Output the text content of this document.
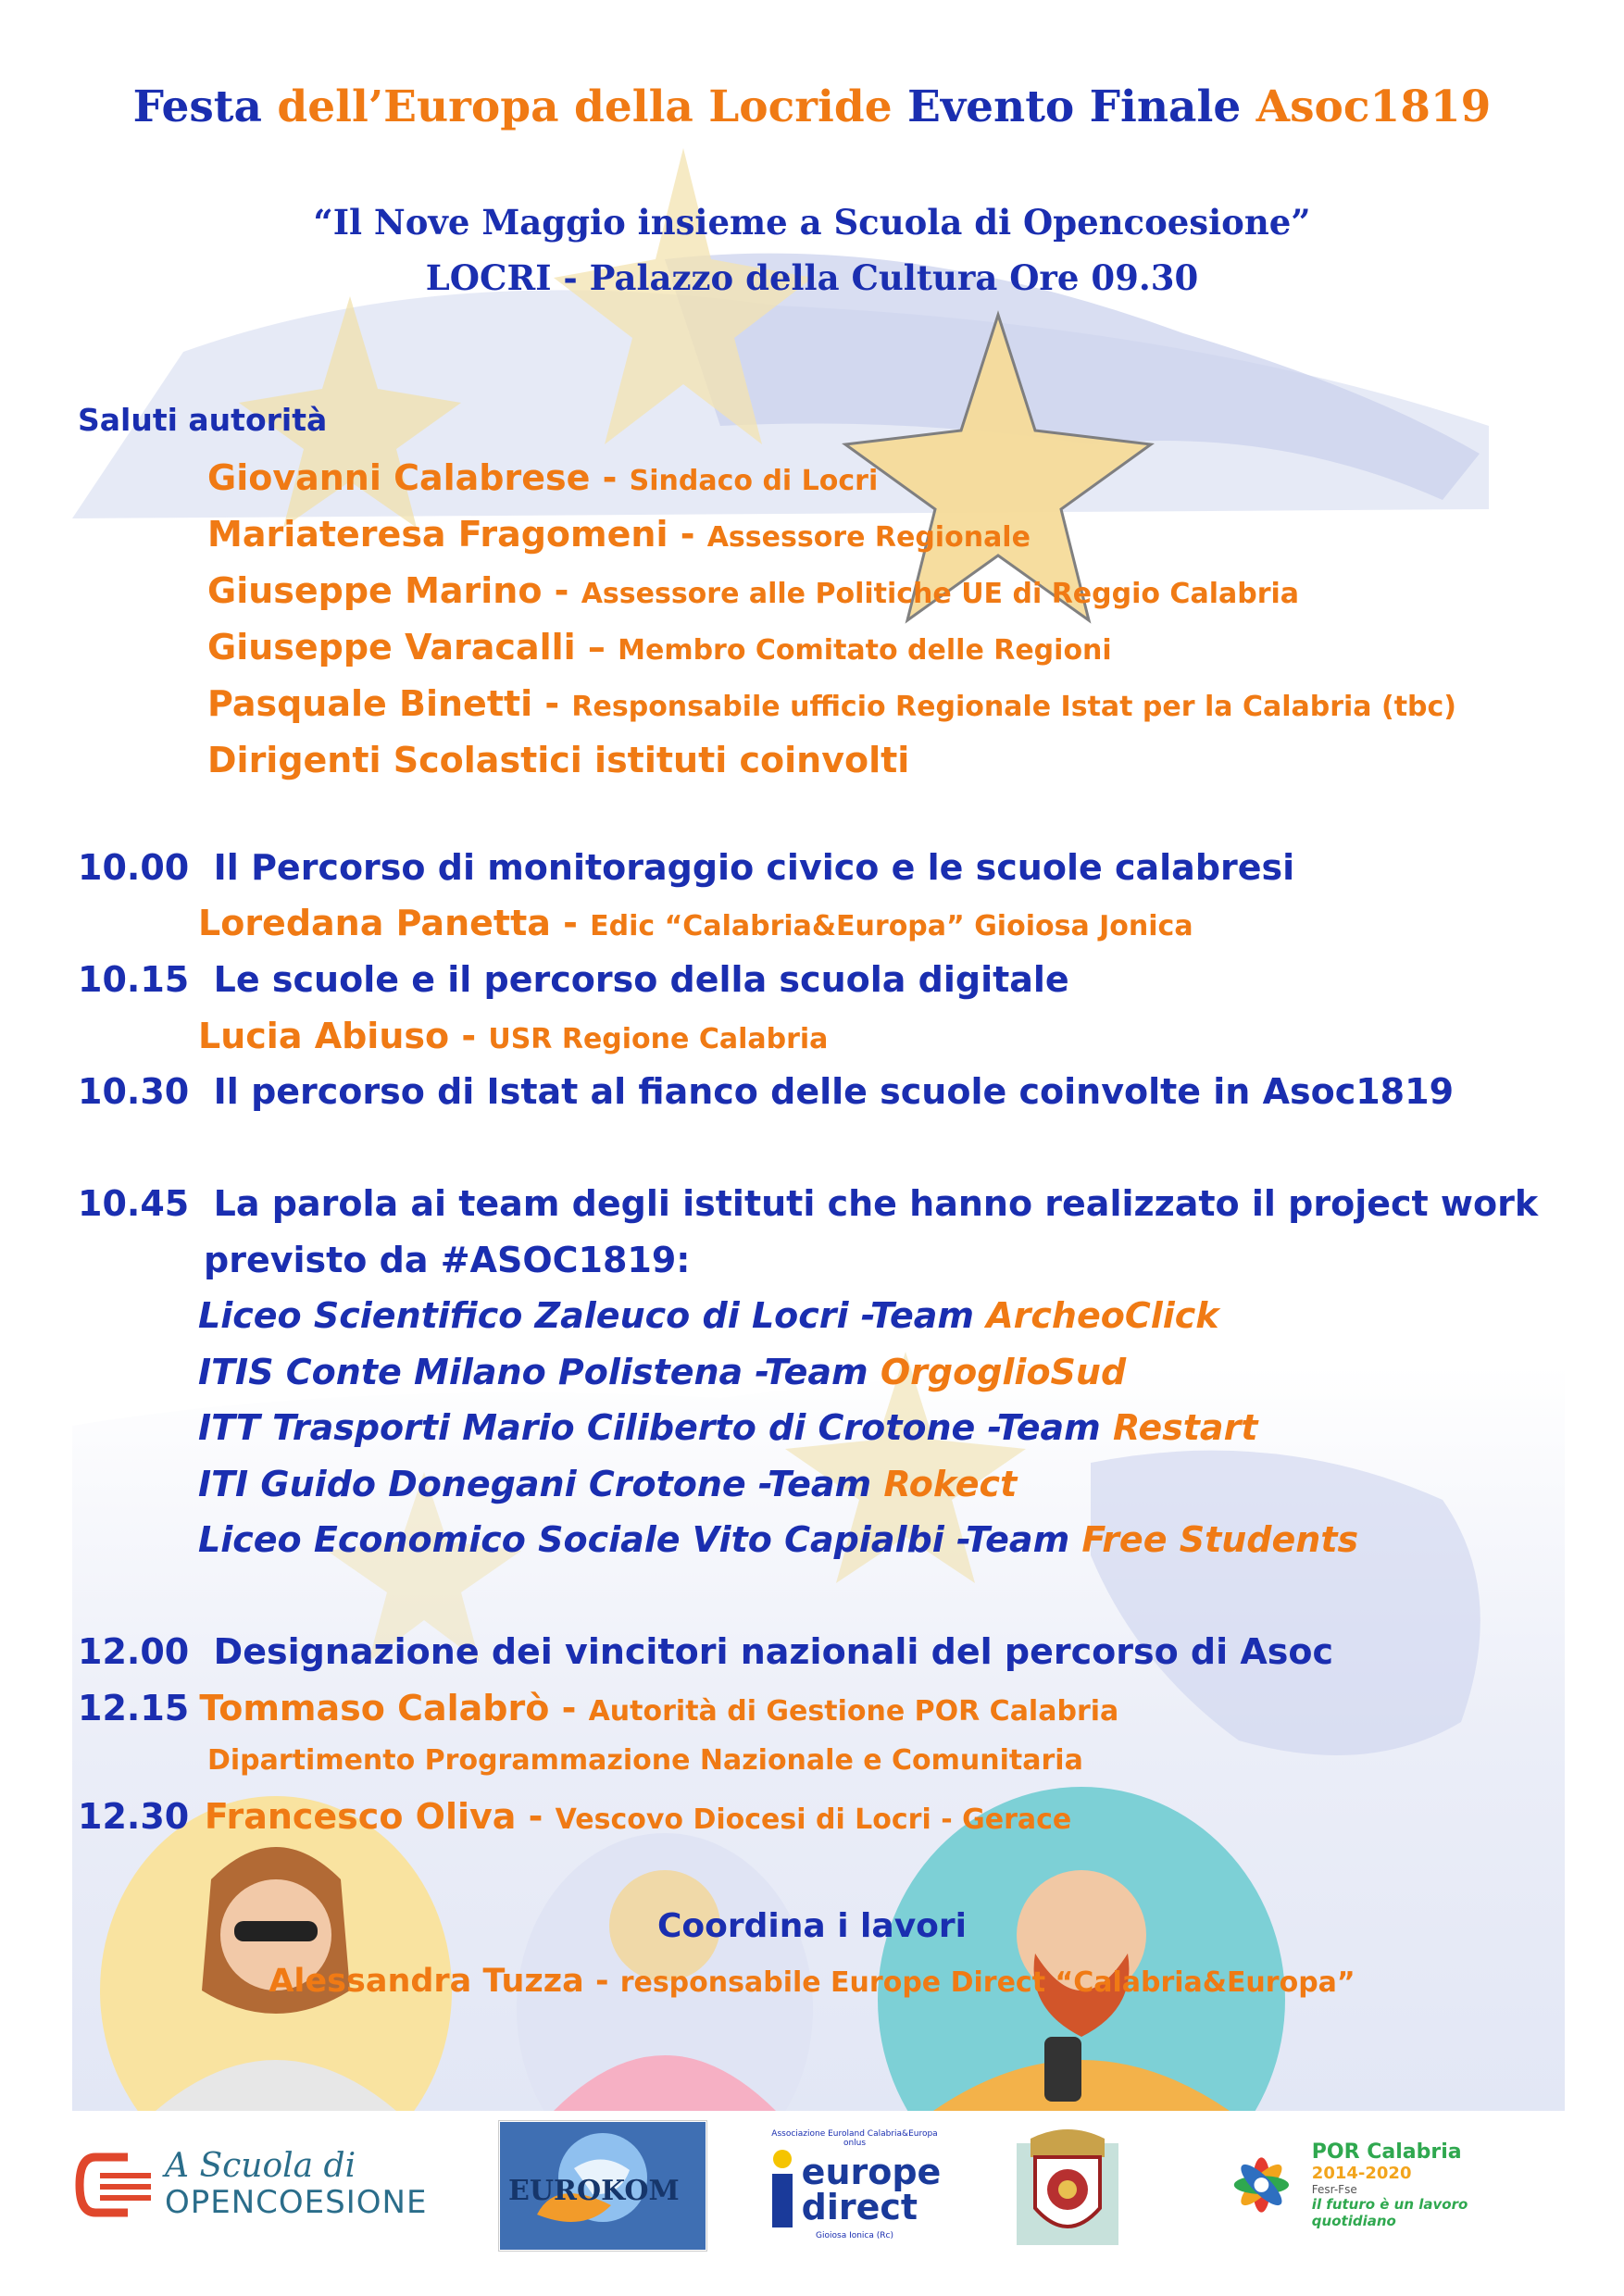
Festa dell’Europa della Locride Evento Finale Asoc1819
“Il Nove Maggio insieme a Scuola di Opencoesione”
LOCRI - Palazzo della Cultura Ore 09.30
Saluti autorità
Giovanni Calabrese - Sindaco di Locri
Mariateresa Fragomeni - Assessore Regionale
Giuseppe Marino - Assessore alle Politiche UE di Reggio Calabria
Giuseppe Varacalli – Membro Comitato delle Regioni
Pasquale Binetti - Responsabile ufficio Regionale Istat per la Calabria (tbc)
Dirigenti Scolastici istituti coinvolti
10.00 Il Percorso di monitoraggio civico e le scuole calabresi
Loredana Panetta - Edic “Calabria&Europa” Gioiosa Jonica
10.15 Le scuole e il percorso della scuola digitale
Lucia Abiuso - USR Regione Calabria
10.30 Il percorso di Istat al fianco delle scuole coinvolte in Asoc1819
10.45 La parola ai team degli istituti che hanno realizzato il project work
previsto da #ASOC1819:
Liceo Scientifico Zaleuco di Locri -Team ArcheoClick
ITIS Conte Milano Polistena -Team OrgoglioSud
ITT Trasporti Mario Ciliberto di Crotone -Team Restart
ITI Guido Donegani Crotone -Team Rokect
Liceo Economico Sociale Vito Capialbi -Team Free Students
12.00 Designazione dei vincitori nazionali del percorso di Asoc
12.15 Tommaso Calabrò - Autorità di Gestione POR Calabria
Dipartimento Programmazione Nazionale e Comunitaria
12.30 Francesco Oliva - Vescovo Diocesi di Locri - Gerace
Coordina i lavori
Alessandra Tuzza - responsabile Europe Direct “Calabria&Europa”
A Scuola di
OPENCOESIONE	EUROKOM
Associazione Euroland Calabria&Europa onlus
europe
direct
Gioiosa Ionica (Rc)
POR Calabria
2014-2020
Fesr-Fse
il futuro è un lavoro quotidiano
